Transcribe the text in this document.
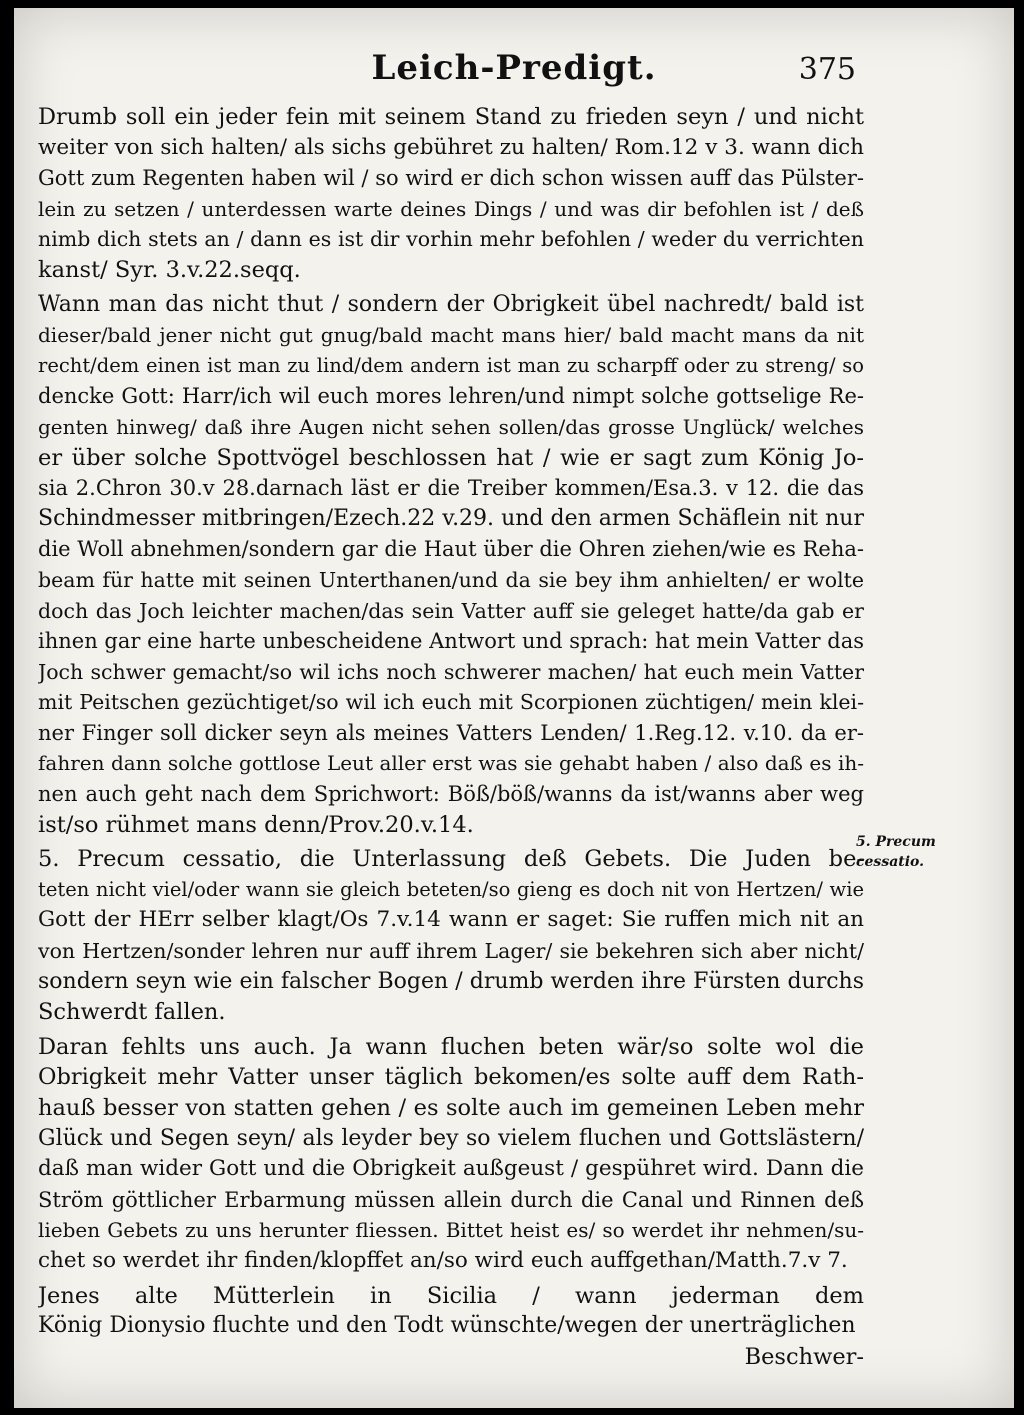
Leich-Predigt.	375
Drumb soll ein jeder fein mit seinem Stand zu frieden seyn / und nicht
weiter von sich halten/ als sichs gebühret zu halten/ Rom.12 v 3. wann dich
Gott zum Regenten haben wil / so wird er dich schon wissen auff das Pülster-
lein zu setzen / unterdessen warte deines Dings / und was dir befohlen ist / deß
nimb dich stets an / dann es ist dir vorhin mehr befohlen / weder du verrichten
kanst/ Syr. 3.v.22.seqq.
Wann man das nicht thut / sondern der Obrigkeit übel nachredt/ bald ist
dieser/bald jener nicht gut gnug/bald macht mans hier/ bald macht mans da nit
recht/dem einen ist man zu lind/dem andern ist man zu scharpff oder zu streng/ so
dencke Gott: Harr/ich wil euch mores lehren/und nimpt solche gottselige Re-
genten hinweg/ daß ihre Augen nicht sehen sollen/das grosse Unglück/ welches
er über solche Spottvögel beschlossen hat / wie er sagt zum König Jo-
sia 2.Chron 30.v 28.darnach läst er die Treiber kommen/Esa.3. v 12. die das
Schindmesser mitbringen/Ezech.22 v.29. und den armen Schäflein nit nur
die Woll abnehmen/sondern gar die Haut über die Ohren ziehen/wie es Reha-
beam für hatte mit seinen Unterthanen/und da sie bey ihm anhielten/ er wolte
doch das Joch leichter machen/das sein Vatter auff sie geleget hatte/da gab er
ihnen gar eine harte unbescheidene Antwort und sprach: hat mein Vatter das
Joch schwer gemacht/so wil ichs noch schwerer machen/ hat euch mein Vatter
mit Peitschen gezüchtiget/so wil ich euch mit Scorpionen züchtigen/ mein klei-
ner Finger soll dicker seyn als meines Vatters Lenden/ 1.Reg.12. v.10. da er-
fahren dann solche gottlose Leut aller erst was sie gehabt haben / also daß es ih-
nen auch geht nach dem Sprichwort: Böß/böß/wanns da ist/wanns aber weg
ist/so rühmet mans denn/Prov.20.v.14.
5. Precum cessatio, die Unterlassung deß Gebets. Die Juden be-
teten nicht viel/oder wann sie gleich beteten/so gieng es doch nit von Hertzen/ wie
Gott der HErr selber klagt/Os 7.v.14 wann er saget: Sie ruffen mich nit an
von Hertzen/sonder lehren nur auff ihrem Lager/ sie bekehren sich aber nicht/
sondern seyn wie ein falscher Bogen / drumb werden ihre Fürsten durchs
Schwerdt fallen.
Daran fehlts uns auch. Ja wann fluchen beten wär/so solte wol die
Obrigkeit mehr Vatter unser täglich bekomen/es solte auff dem Rath-
hauß besser von statten gehen / es solte auch im gemeinen Leben mehr
Glück und Segen seyn/ als leyder bey so vielem fluchen und Gottslästern/
daß man wider Gott und die Obrigkeit außgeust / gespühret wird. Dann die
Ström göttlicher Erbarmung müssen allein durch die Canal und Rinnen deß
lieben Gebets zu uns herunter fliessen. Bittet heist es/ so werdet ihr nehmen/su-
chet so werdet ihr finden/klopffet an/so wird euch auffgethan/Matth.7.v 7.
Jenes alte Mütterlein in Sicilia / wann jederman dem
König Dionysio fluchte und den Todt wünschte/wegen der unerträglichen
Beschwer-
5. Precum
cessatio.
